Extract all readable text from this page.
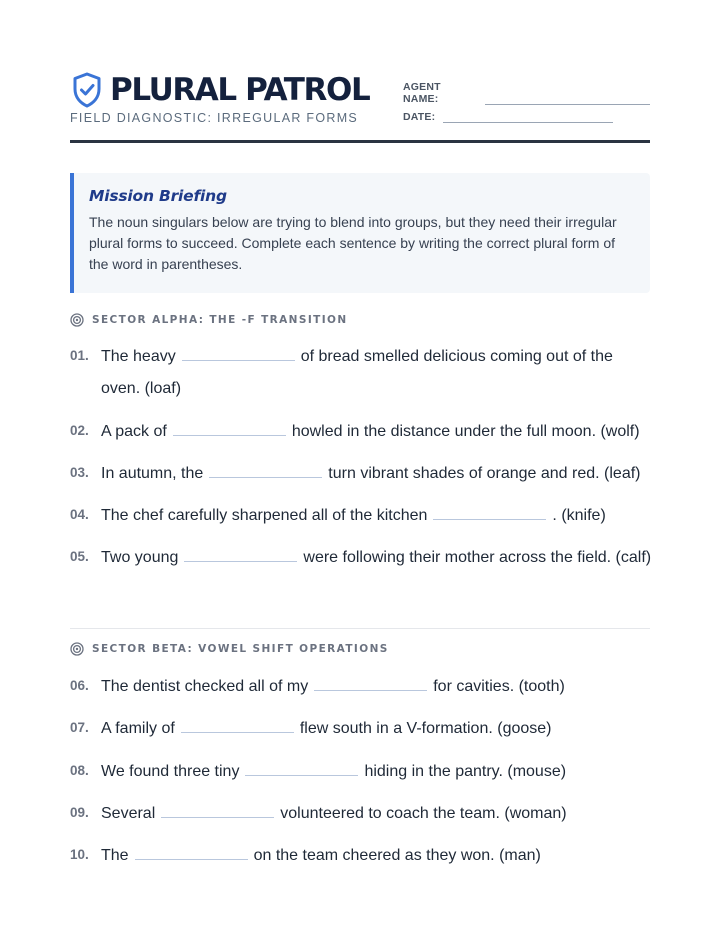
PLURAL PATROL
FIELD DIAGNOSTIC: IRREGULAR FORMS
AGENT NAME:
DATE:
Mission Briefing
The noun singulars below are trying to blend into groups, but they need their irregular plural forms to succeed. Complete each sentence by writing the correct plural form of the word in parentheses.
SECTOR ALPHA: THE -F TRANSITION
01. The heavy	of bread smelled delicious coming out of the oven. (loaf)
02. A pack of	howled in the distance under the full moon. (wolf)
03. In autumn, the	turn vibrant shades of orange and red. (leaf)
04. The chef carefully sharpened all of the kitchen	. (knife)
05. Two young	were following their mother across the field. (calf)
SECTOR BETA: VOWEL SHIFT OPERATIONS
06. The dentist checked all of my	for cavities. (tooth)
07. A family of	flew south in a V-formation. (goose)
08. We found three tiny	hiding in the pantry. (mouse)
09. Several	volunteered to coach the team. (woman)
10. The	on the team cheered as they won. (man)
